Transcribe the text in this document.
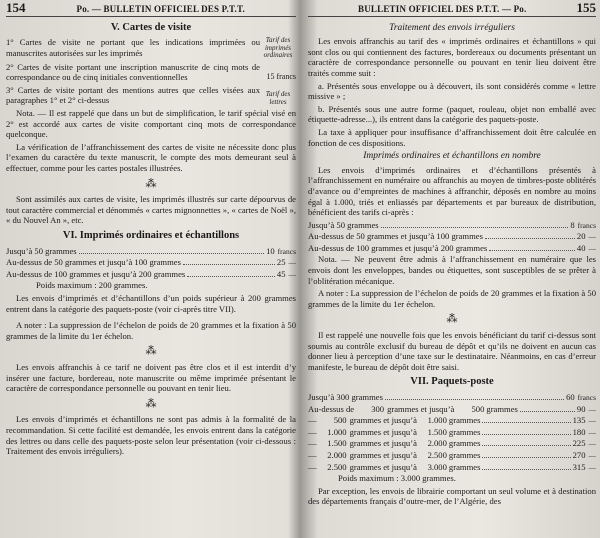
154	Po. — BULLETIN OFFICIEL DES P.T.T.
V. Cartes de visite
1° Cartes de visite ne portant que les indications imprimées ou manuscrites autorisées sur les imprimés
Tarif des imprimés ordinaires
2° Cartes de visite portant une inscription manuscrite de cinq mots de correspondance ou de cinq initiales conventionnelles	15 francs
3° Cartes de visite portant des mentions autres que celles visées aux paragraphes 1° et 2° ci-dessus
Tarif des lettres

Nota. — Il est rappelé que dans un but de simplification, le tarif spécial visé en 2° est accordé aux cartes de visite comportant cinq mots de correspondance quelconque.

La vérification de l’affranchissement des cartes de visite ne nécessite donc plus l’examen du caractère du texte manuscrit, le compte des mots demeurant seul à effectuer, comme pour les cartes postales illustrées.

⁂

Sont assimilés aux cartes de visite, les imprimés illustrés sur carte dépourvus de tout caractère commercial et dénommés « cartes mignonnettes », « cartes de Noël », « du Nouvel An », etc.

VI. Imprimés ordinaires et échantillons
Jusqu’à 50 grammes	10 francs
Au-dessus de 50 grammes et jusqu’à 100 grammes	25 —
Au-dessus de 100 grammes et jusqu’à 200 grammes	45 —

Poids maximum : 200 grammes.

Les envois d’imprimés et d’échantillons d’un poids supérieur à 200 grammes entrent dans la catégorie des paquets-poste (voir ci-après titre VII).

A noter : La suppression de l’échelon de poids de 20 grammes et la fixation à 50 grammes de la limite du 1er échelon.

⁂

Les envois affranchis à ce tarif ne doivent pas être clos et il est interdit d’y insérer une facture, bordereau, note manuscrite ou même imprimée présentant le caractère de correspondance personnelle ou pouvant en tenir lieu.

⁂

Les envois d’imprimés et échantillons ne sont pas admis à la formalité de la recommandation. Si cette facilité est demandée, les envois entrent dans la catégorie des lettres ou dans celle des paquets-poste selon leur présentation (voir ci-dessous : Traitement des envois irréguliers).

BULLETIN OFFICIEL DES P.T.T. — Po.	155
Traitement des envois irréguliers

Les envois affranchis au tarif des « imprimés ordinaires et échantillons » qui sont clos ou qui contiennent des factures, bordereaux ou documents présentant un caractère de correspondance personnelle ou pouvant en tenir lieu doivent être traités comme suit :

a. Présentés sous enveloppe ou à découvert, ils sont considérés comme « lettre missive » ;

b. Présentés sous une autre forme (paquet, rouleau, objet non emballé avec étiquette-adresse...), ils entrent dans la catégorie des paquets-poste.

La taxe à appliquer pour insuffisance d’affranchissement doit être calculée en fonction de ces dispositions.

Imprimés ordinaires et échantillons en nombre

Les envois d’imprimés ordinaires et d’échantillons présentés à l’affranchissement en numéraire ou affranchis au moyen de timbres-poste oblitérés d’avance ou d’empreintes de machines à affranchir, déposés en nombre au moins égal à 1.000, triés et enliassés par départements et par bureaux de distribution, bénéficient des tarifs ci-après :

Jusqu’à 50 grammes	8 francs
Au-dessus de 50 grammes et jusqu’à 100 grammes	20 —
Au-dessus de 100 grammes et jusqu’à 200 grammes	40 —

Nota. — Ne peuvent être admis à l’affranchissement en numéraire que les envois dont les enveloppes, bandes ou étiquettes, sont susceptibles de se prêter à l’oblitération mécanique.

A noter : La suppression de l’échelon de poids de 20 grammes et la fixation à 50 grammes de la limite du 1er échelon.

⁂

Il est rappelé une nouvelle fois que les envois bénéficiant du tarif ci-dessus sont soumis au contrôle exclusif du bureau de dépôt et qu’ils ne doivent en aucun cas donner lieu à perception d’une taxe sur le destinataire. Néanmoins, en cas d’erreur manifeste, le bureau de dépôt doit être saisi.

VII. Paquets-poste
Jusqu’à 300 grammes	60 francs
Au-dessus de	300 grammes et jusqu’à	500 grammes	90 —
—	500 grammes et jusqu’à	1.000 grammes	135 —
—	1.000 grammes et jusqu’à	1.500 grammes	180 —
—	1.500 grammes et jusqu’à	2.000 grammes	225 —
—	2.000 grammes et jusqu’à	2.500 grammes	270 —
—	2.500 grammes et jusqu’à	3.000 grammes	315 —

Poids maximum : 3.000 grammes.

Par exception, les envois de librairie comportant un seul volume et à destination des départements français d’outre-mer, de l’Algérie, des
